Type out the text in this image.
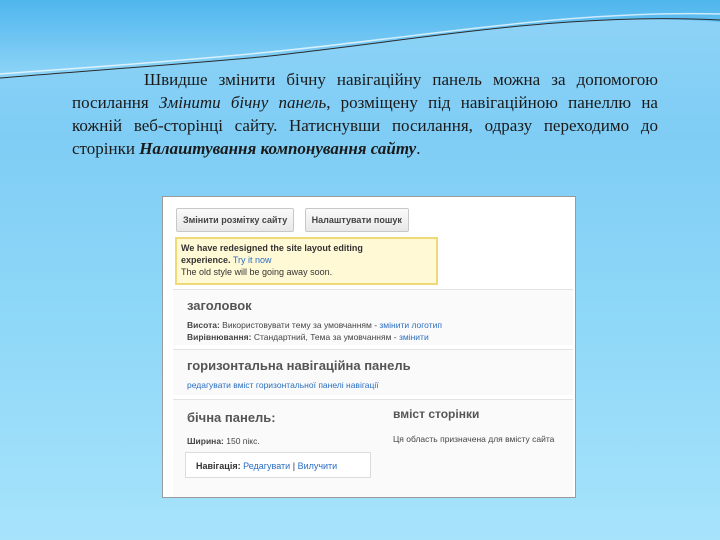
Швидше змінити бічну навігаційну панель можна за допомогою посилання Змінити бічну панель, розміщену під навігаційною панеллю на кожній веб-сторінці сайту. Натиснувши посилання, одразу переходимо до сторінки Налаштування компонування сайту.
Змінити розмітку сайту	Налаштувати пошук
We have redesigned the site layout editing
experience. Try it now
The old style will be going away soon.
заголовок
Висота: Використовувати тему за умовчанням - змінити логотип
Вирівнювання: Стандартний, Тема за умовчанням - змінити
горизонтальна навігаційна панель
редагувати вміст горизонтальної панелі навігації
бічна панель:
Ширина: 150 пікс.
вміст сторінки
Ця область призначена для вмісту сайта
Навігація: Редагувати | Вилучити
